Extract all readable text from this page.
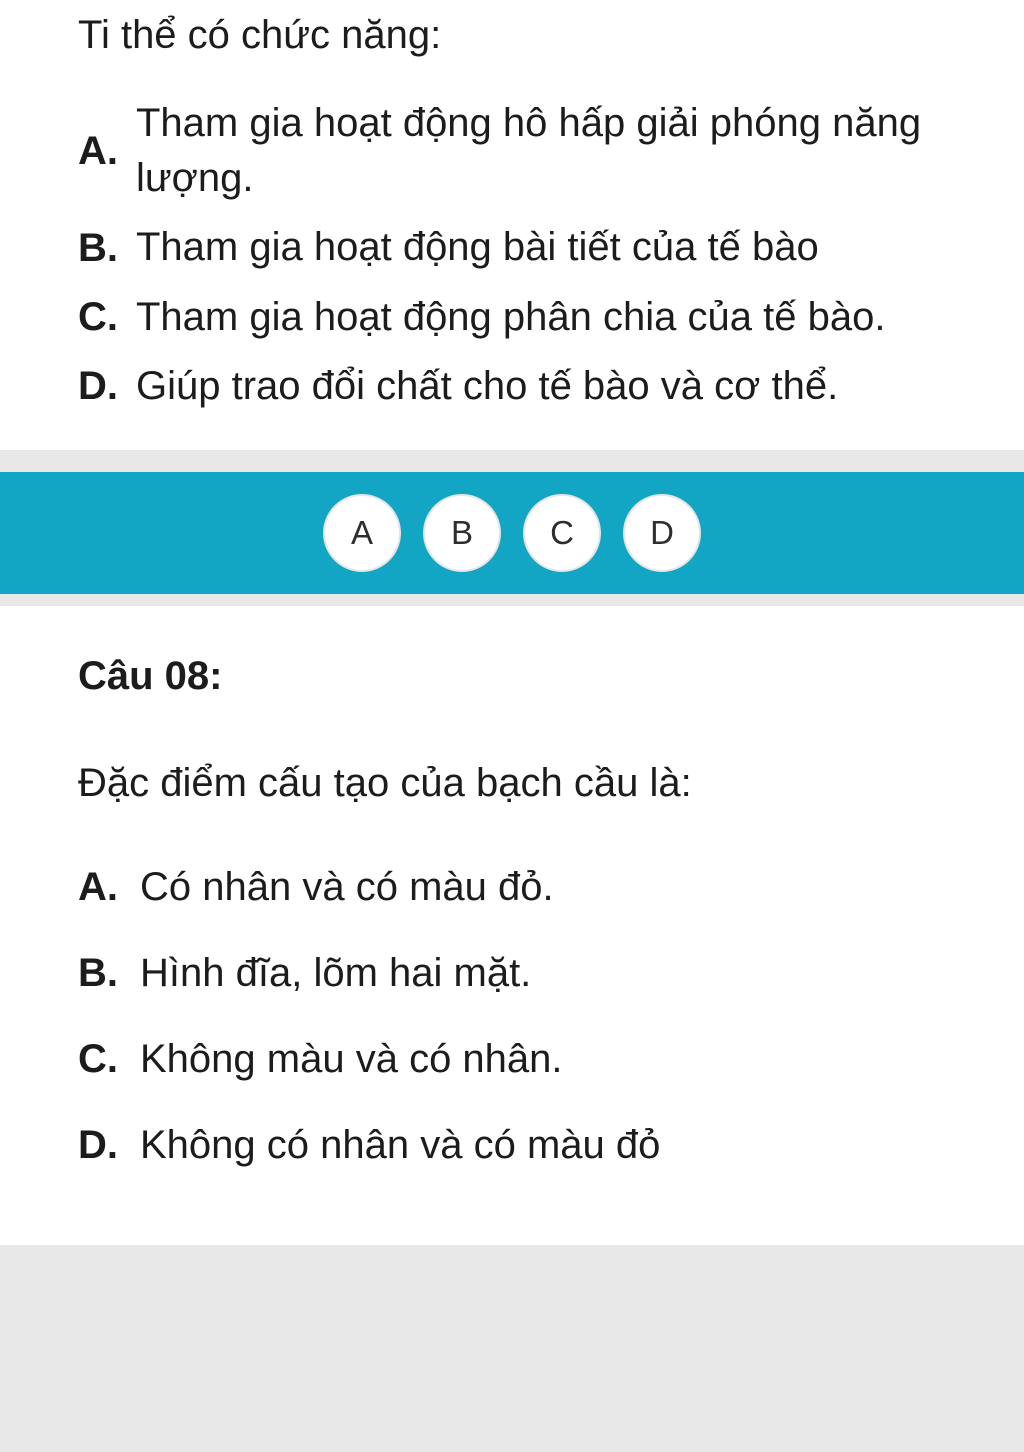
Ti thể có chức năng:
A.
Tham gia hoạt động hô hấp giải phóng năng lượng.
B. Tham gia hoạt động bài tiết của tế bào
C. Tham gia hoạt động phân chia của tế bào.
D. Giúp trao đổi chất cho tế bào và cơ thể.
A	B	C	D
Câu 08:
Đặc điểm cấu tạo của bạch cầu là:
A. Có nhân và có màu đỏ.
B. Hình đĩa, lõm hai mặt.
C. Không màu và có nhân.
D. Không có nhân và có màu đỏ
